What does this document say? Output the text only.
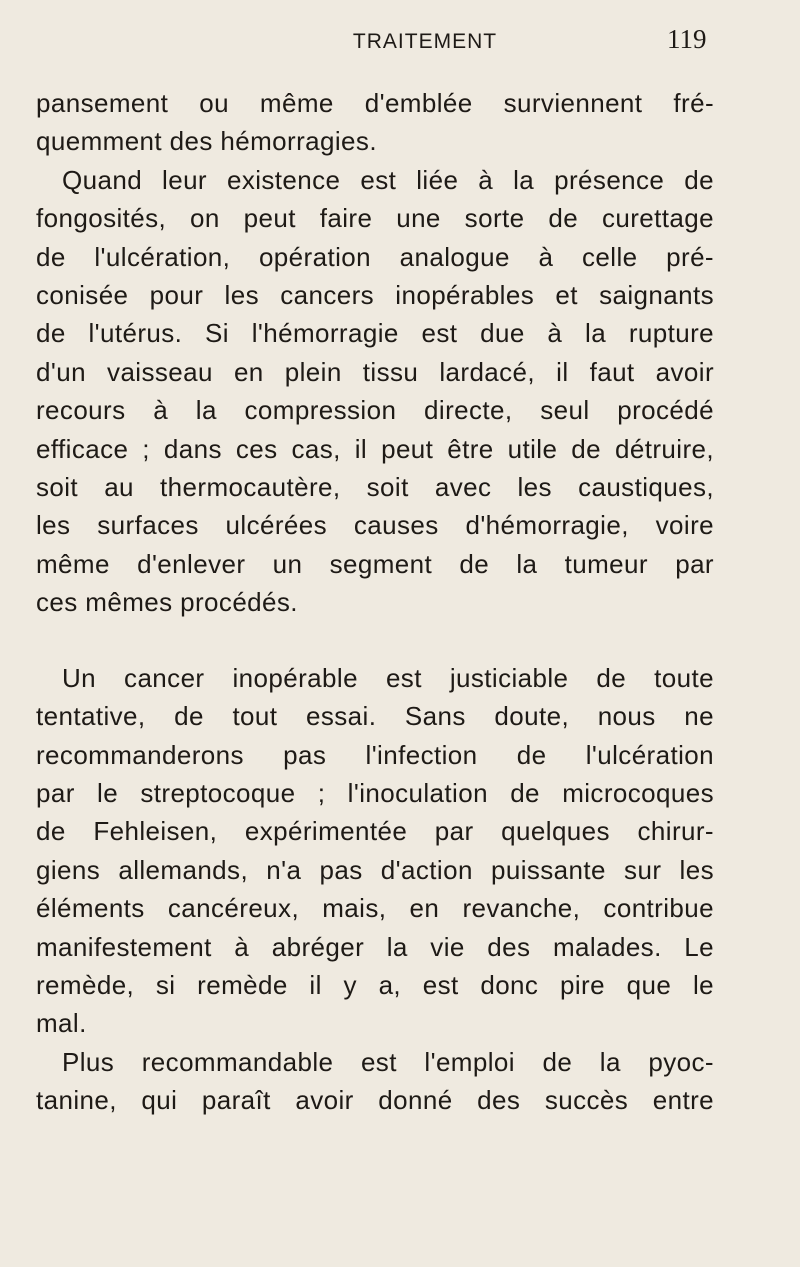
TRAITEMENT	119
pansement ou même d'emblée surviennent fré-
quemment des hémorragies.
Quand leur existence est liée à la présence de
fongosités, on peut faire une sorte de curettage
de l'ulcération, opération analogue à celle pré-
conisée pour les cancers inopérables et saignants
de l'utérus. Si l'hémorragie est due à la rupture
d'un vaisseau en plein tissu lardacé, il faut avoir
recours à la compression directe, seul procédé
efficace ; dans ces cas, il peut être utile de détruire,
soit au thermocautère, soit avec les caustiques,
les surfaces ulcérées causes d'hémorragie, voire
même d'enlever un segment de la tumeur par
ces mêmes procédés.
Un cancer inopérable est justiciable de toute
tentative, de tout essai. Sans doute, nous ne
recommanderons pas l'infection de l'ulcération
par le streptocoque ; l'inoculation de microcoques
de Fehleisen, expérimentée par quelques chirur-
giens allemands, n'a pas d'action puissante sur les
éléments cancéreux, mais, en revanche, contribue
manifestement à abréger la vie des malades. Le
remède, si remède il y a, est donc pire que le
mal.
Plus recommandable est l'emploi de la pyoc-
tanine, qui paraît avoir donné des succès entre
